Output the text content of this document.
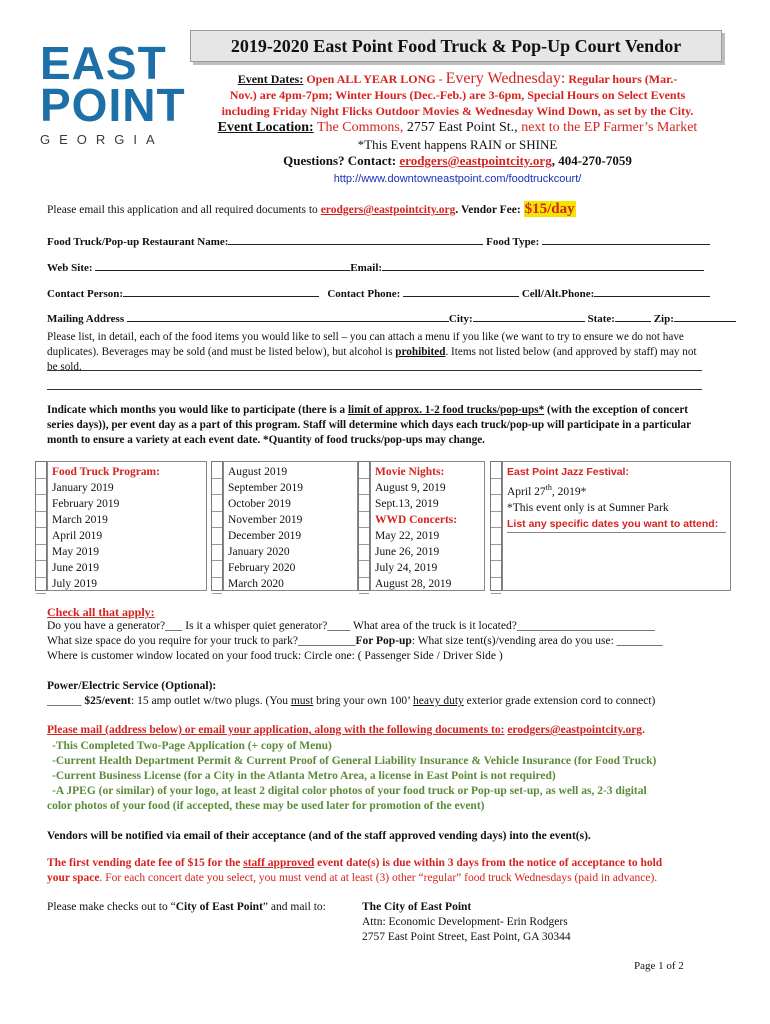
EAST
POINT
GEORGIA
2019-2020 East Point Food Truck & Pop-Up Court Vendor
Event Dates: Open ALL YEAR LONG - Every Wednesday: Regular hours (Mar.-
Nov.) are 4pm-7pm; Winter Hours (Dec.-Feb.) are 3-6pm, Special Hours on Select Events
including Friday Night Flicks Outdoor Movies & Wednesday Wind Down, as set by the City.
Event Location: The Commons, 2757 East Point St., next to the EP Farmer’s Market
*This Event happens RAIN or SHINE
Questions? Contact: erodgers@eastpointcity.org, 404-270-7059
http://www.downtowneastpoint.com/foodtruckcourt/
Please email this application and all required documents to erodgers@eastpointcity.org. Vendor Fee: $15/day
Food Truck/Pop-up Restaurant Name:	Food Type:
Web Site:	Email:
Contact Person:	Contact Phone:	Cell/Alt.Phone:
Mailing Address	City:	State:	Zip:
Please list, in detail, each of the food items you would like to sell – you can attach a menu if you like (we want to try to ensure we do not have duplicates). Beverages may be sold (and must be listed below), but alcohol is prohibited. Items not listed below (and approved by staff) may not be sold.
Indicate which months you would like to participate (there is a limit of approx. 1-2 food trucks/pop-ups* (with the exception of concert series days)), per event day as a part of this program. Staff will determine which days each truck/pop-up will participate in a particular month to ensure a variety at each event date. *Quantity of food trucks/pop-ups may change.
Food Truck Program:
January 2019
February 2019
March 2019
April 2019
May 2019
June 2019
July 2019
August 2019
September 2019
October 2019
November 2019
December 2019
January 2020
February 2020
March 2020
Movie Nights:
August 9, 2019
Sept.13, 2019
WWD Concerts:
May 22, 2019
June 26, 2019
July 24, 2019
August 28, 2019
East Point Jazz Festival:
April 27th, 2019*
*This event only is at Sumner Park
List any specific dates you want to attend:
Check all that apply:
Do you have a generator?___ Is it a whisper quiet generator?____ What area of the truck is it located?________________________
What size space do you require for your truck to park?__________For Pop-up: What size tent(s)/vending area do you use: ________
Where is customer window located on your food truck: Circle one: ( Passenger Side / Driver Side )
Power/Electric Service (Optional):
______ $25/event: 15 amp outlet w/two plugs. (You must bring your own 100’ heavy duty exterior grade extension cord to connect)
Please mail (address below) or email your application, along with the following documents to: erodgers@eastpointcity.org.
-This Completed Two-Page Application (+ copy of Menu)
-Current Health Department Permit & Current Proof of General Liability Insurance & Vehicle Insurance (for Food Truck)
-Current Business License (for a City in the Atlanta Metro Area, a license in East Point is not required)
-A JPEG (or similar) of your logo, at least 2 digital color photos of your food truck or Pop-up set-up, as well as, 2-3 digital
color photos of your food (if accepted, these may be used later for promotion of the event)
Vendors will be notified via email of their acceptance (and of the staff approved vending days) into the event(s).
The first vending date fee of $15 for the staff approved event date(s) is due within 3 days from the notice of acceptance to hold
your space. For each concert date you select, you must vend at at least (3) other “regular” food truck Wednesdays (paid in advance).
Please make checks out to “City of East Point” and mail to:	The City of East Point
Attn: Economic Development- Erin Rodgers
2757 East Point Street, East Point, GA 30344
Page 1 of 2
